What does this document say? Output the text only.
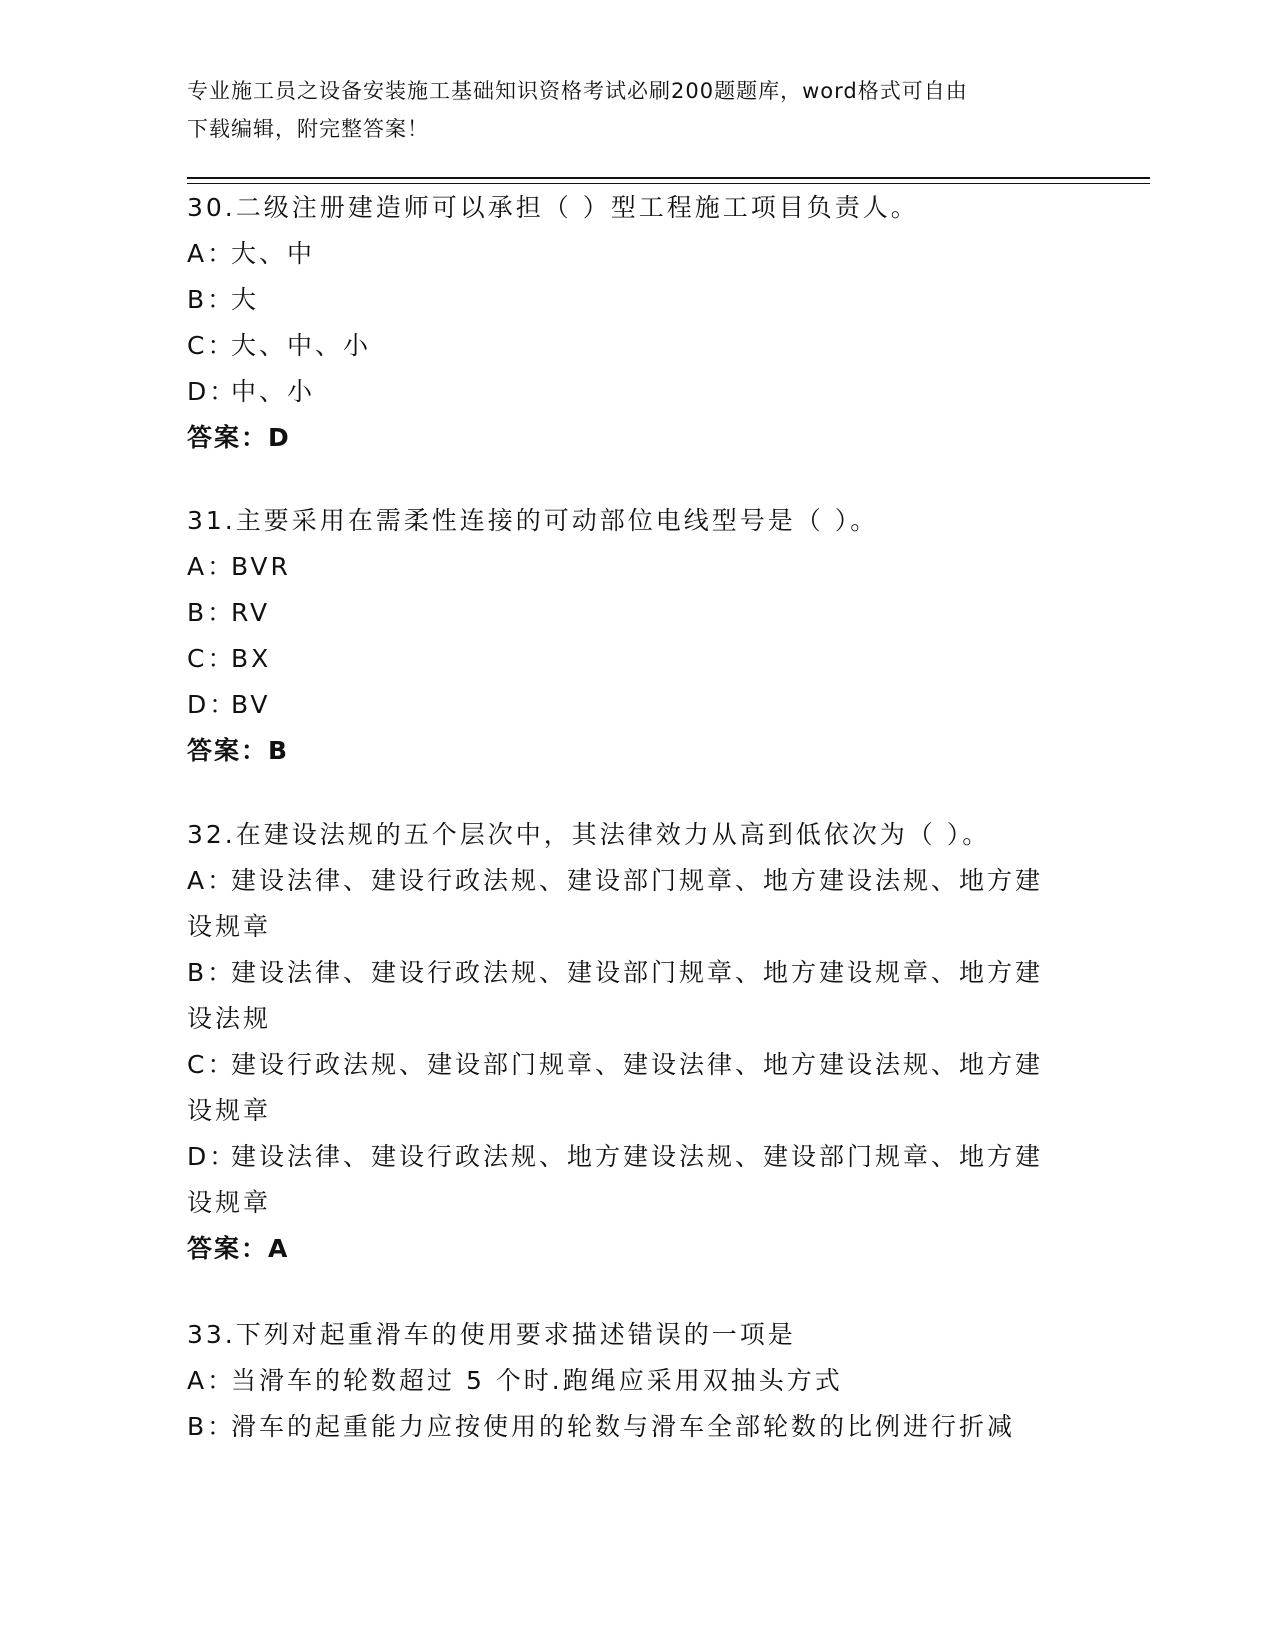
专业施工员之设备安装施工基础知识资格考试必刷200题题库，word格式可自由
下载编辑，附完整答案！
30.二级注册建造师可以承担（ ）型工程施工项目负责人。
A：大、中
B：大
C：大、中、小
D：中、小
答案：D
31.主要采用在需柔性连接的可动部位电线型号是（ ）。
A：BVR
B：RV
C：BX
D：BV
答案：B
32.在建设法规的五个层次中，其法律效力从高到低依次为（ ）。
A：建设法律、建设行政法规、建设部门规章、地方建设法规、地方建
设规章
B：建设法律、建设行政法规、建设部门规章、地方建设规章、地方建
设法规
C：建设行政法规、建设部门规章、建设法律、地方建设法规、地方建
设规章
D：建设法律、建设行政法规、地方建设法规、建设部门规章、地方建
设规章
答案：A
33.下列对起重滑车的使用要求描述错误的一项是
A：当滑车的轮数超过 5 个时.跑绳应采用双抽头方式
B：滑车的起重能力应按使用的轮数与滑车全部轮数的比例进行折减
